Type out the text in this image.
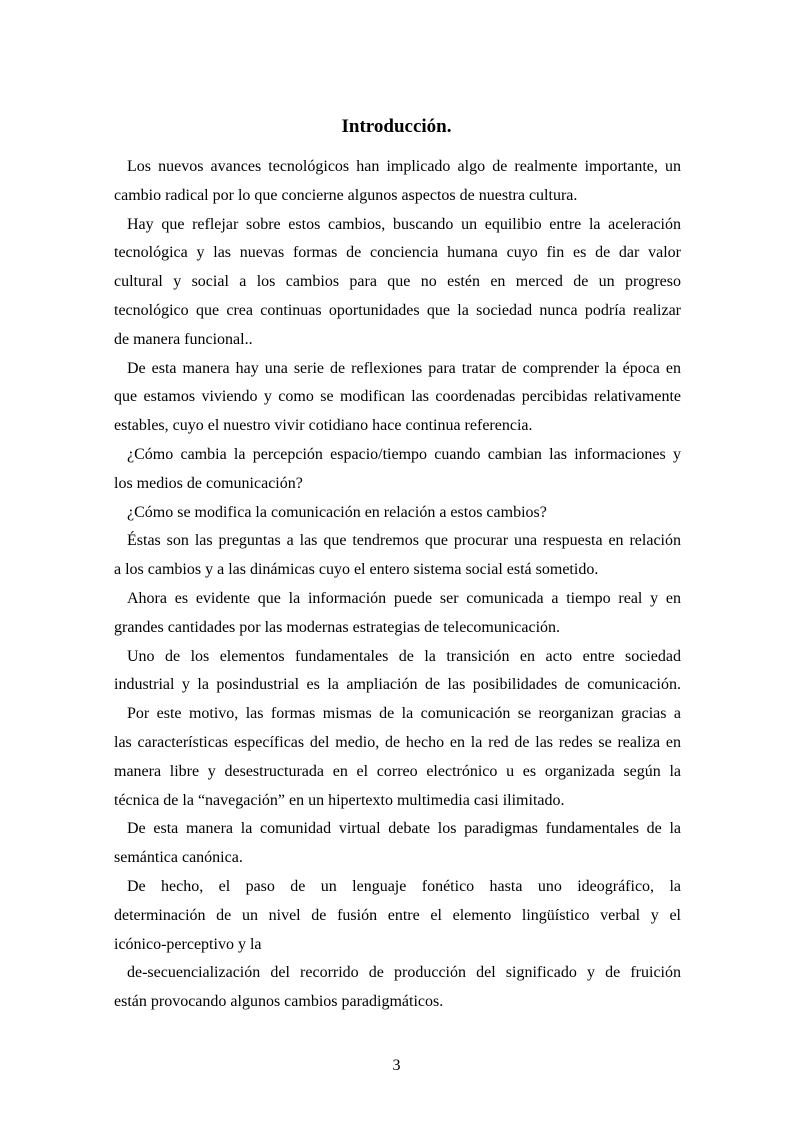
Introducción.
Los nuevos avances tecnológicos han implicado algo de realmente importante, un
cambio radical por lo que concierne algunos aspectos de nuestra cultura.
Hay que reflejar sobre estos cambios, buscando un equilibio entre la aceleración
tecnológica y las nuevas formas de conciencia humana cuyo fin es de dar valor
cultural y social a los cambios para que no estén en merced de un progreso
tecnológico que crea continuas oportunidades que la sociedad nunca podría realizar
de manera funcional..
De esta manera hay una serie de reflexiones para tratar de comprender la época en
que estamos viviendo y como se modifican las coordenadas percibidas relativamente
estables, cuyo el nuestro vivir cotidiano hace continua referencia.
¿Cómo cambia la percepción espacio/tiempo cuando cambian las informaciones y
los medios de comunicación?
¿Cómo se modifica la comunicación en relación a estos cambios?
Éstas son las preguntas a las que tendremos que procurar una respuesta en relación
a los cambios y a las dinámicas cuyo el entero sistema social está sometido.
Ahora es evidente que la información puede ser comunicada a tiempo real y en
grandes cantidades por las modernas estrategias de telecomunicación.
Uno de los elementos fundamentales de la transición en acto entre sociedad
industrial y la posindustrial es la ampliación de las posibilidades de comunicación.
Por este motivo, las formas mismas de la comunicación se reorganizan gracias a
las características específicas del medio, de hecho en la red de las redes se realiza en
manera libre y desestructurada en el correo electrónico u es organizada según la
técnica de la “navegación” en un hipertexto multimedia casi ilimitado.
De esta manera la comunidad virtual debate los paradigmas fundamentales de la
semántica canónica.
De hecho, el paso de un lenguaje fonético hasta uno ideográfico, la
determinación de un nivel de fusión entre el elemento lingüístico verbal y el
icónico-perceptivo y la
de-secuencialización del recorrido de producción del significado y de fruición
están provocando algunos cambios paradigmáticos.
3
